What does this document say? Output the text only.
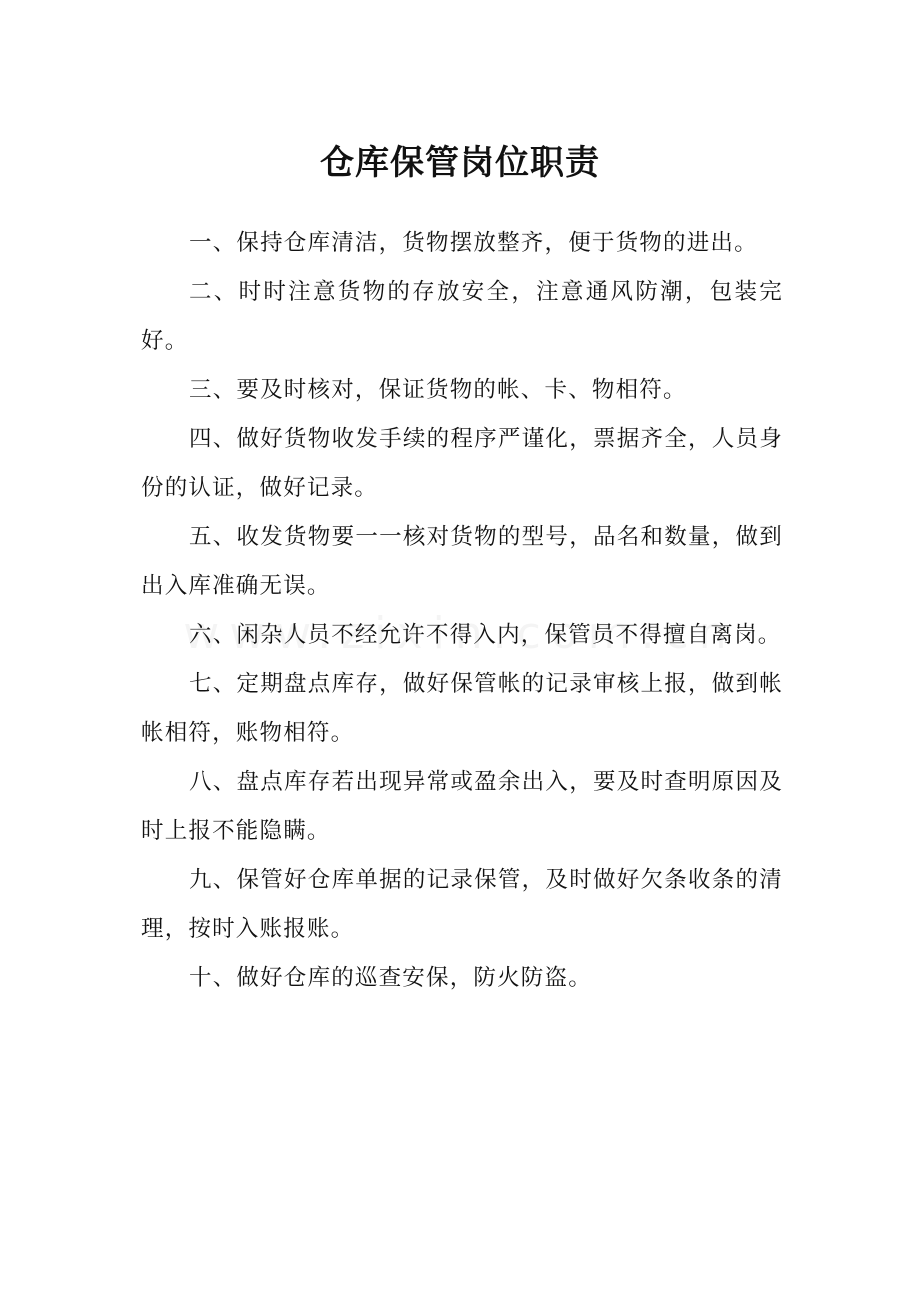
仓库保管岗位职责

一、保持仓库清洁，货物摆放整齐，便于货物的进出。

二、时时注意货物的存放安全，注意通风防潮，包装完好。

三、要及时核对，保证货物的帐、卡、物相符。

四、做好货物收发手续的程序严谨化，票据齐全，人员身份的认证，做好记录。

五、收发货物要一一核对货物的型号，品名和数量，做到出入库准确无误。

六、闲杂人员不经允许不得入内，保管员不得擅自离岗。

七、定期盘点库存，做好保管帐的记录审核上报，做到帐帐相符，账物相符。

八、盘点库存若出现异常或盈余出入，要及时查明原因及时上报不能隐瞒。

九、保管好仓库单据的记录保管，及时做好欠条收条的清理，按时入账报账。

十、做好仓库的巡查安保，防火防盗。
